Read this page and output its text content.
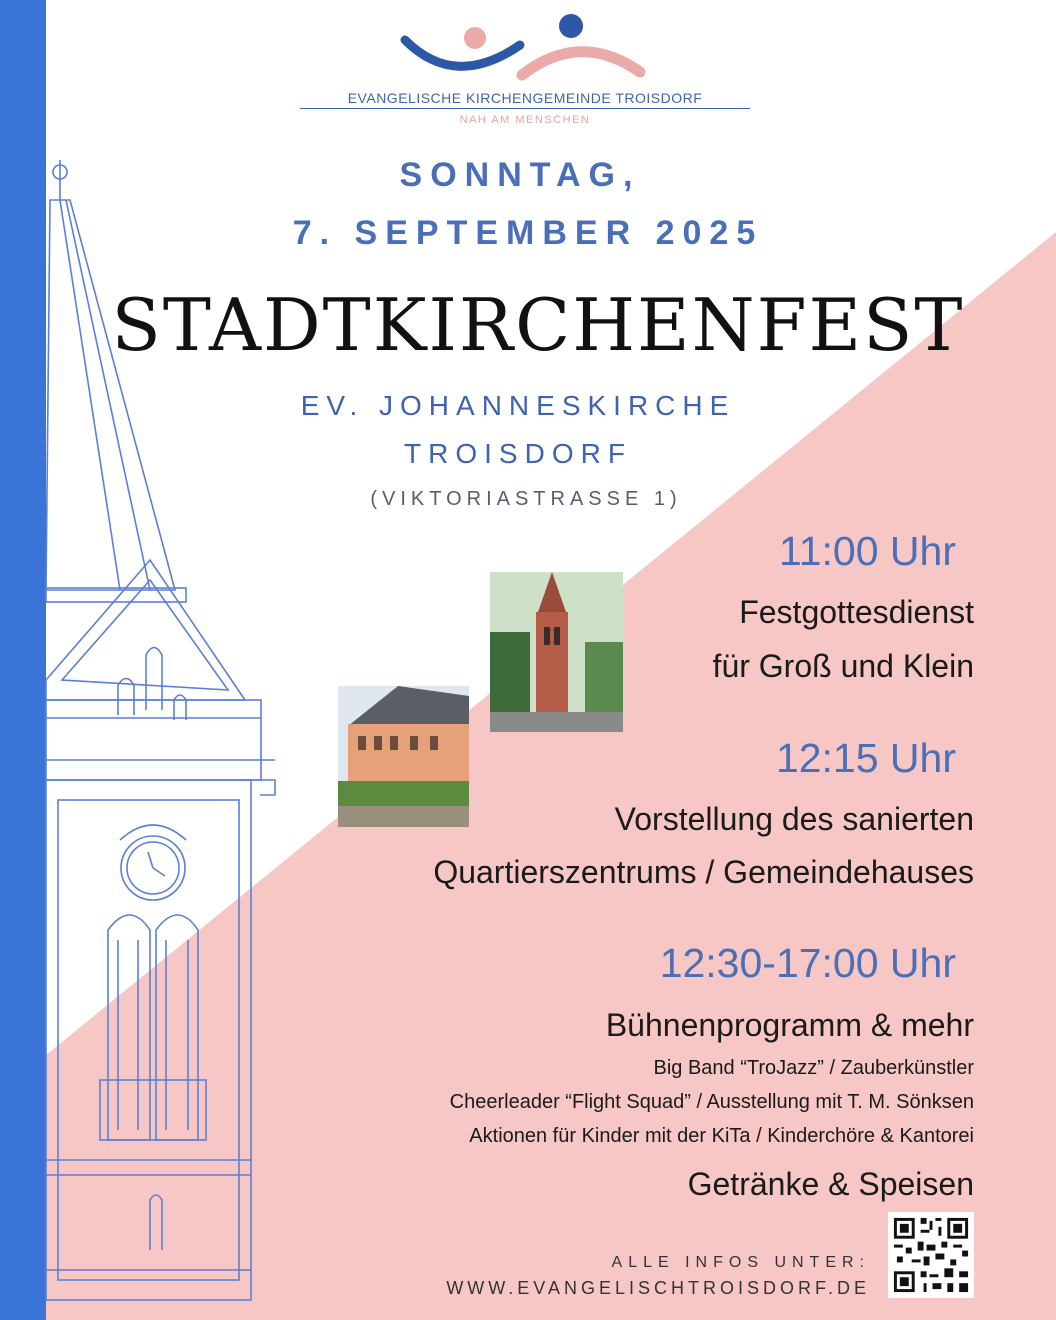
EVANGELISCHE KIRCHENGEMEINDE TROISDORF
NAH AM MENSCHEN
SONNTAG,
7. SEPTEMBER 2025
STADTKIRCHENFEST
EV. JOHANNESKIRCHE
TROISDORF
(VIKTORIASTRASSE 1)
11:00 Uhr
Festgottesdienst
für Groß und Klein
12:15 Uhr
Vorstellung des sanierten
Quartierszentrums / Gemeindehauses
12:30-17:00 Uhr
Bühnenprogramm & mehr
Big Band “TroJazz” / Zauberkünstler
Cheerleader “Flight Squad” / Ausstellung mit T. M. Sönksen
Aktionen für Kinder mit der KiTa / Kinderchöre & Kantorei
Getränke & Speisen
ALLE INFOS UNTER:
WWW.EVANGELISCHTROISDORF.DE
